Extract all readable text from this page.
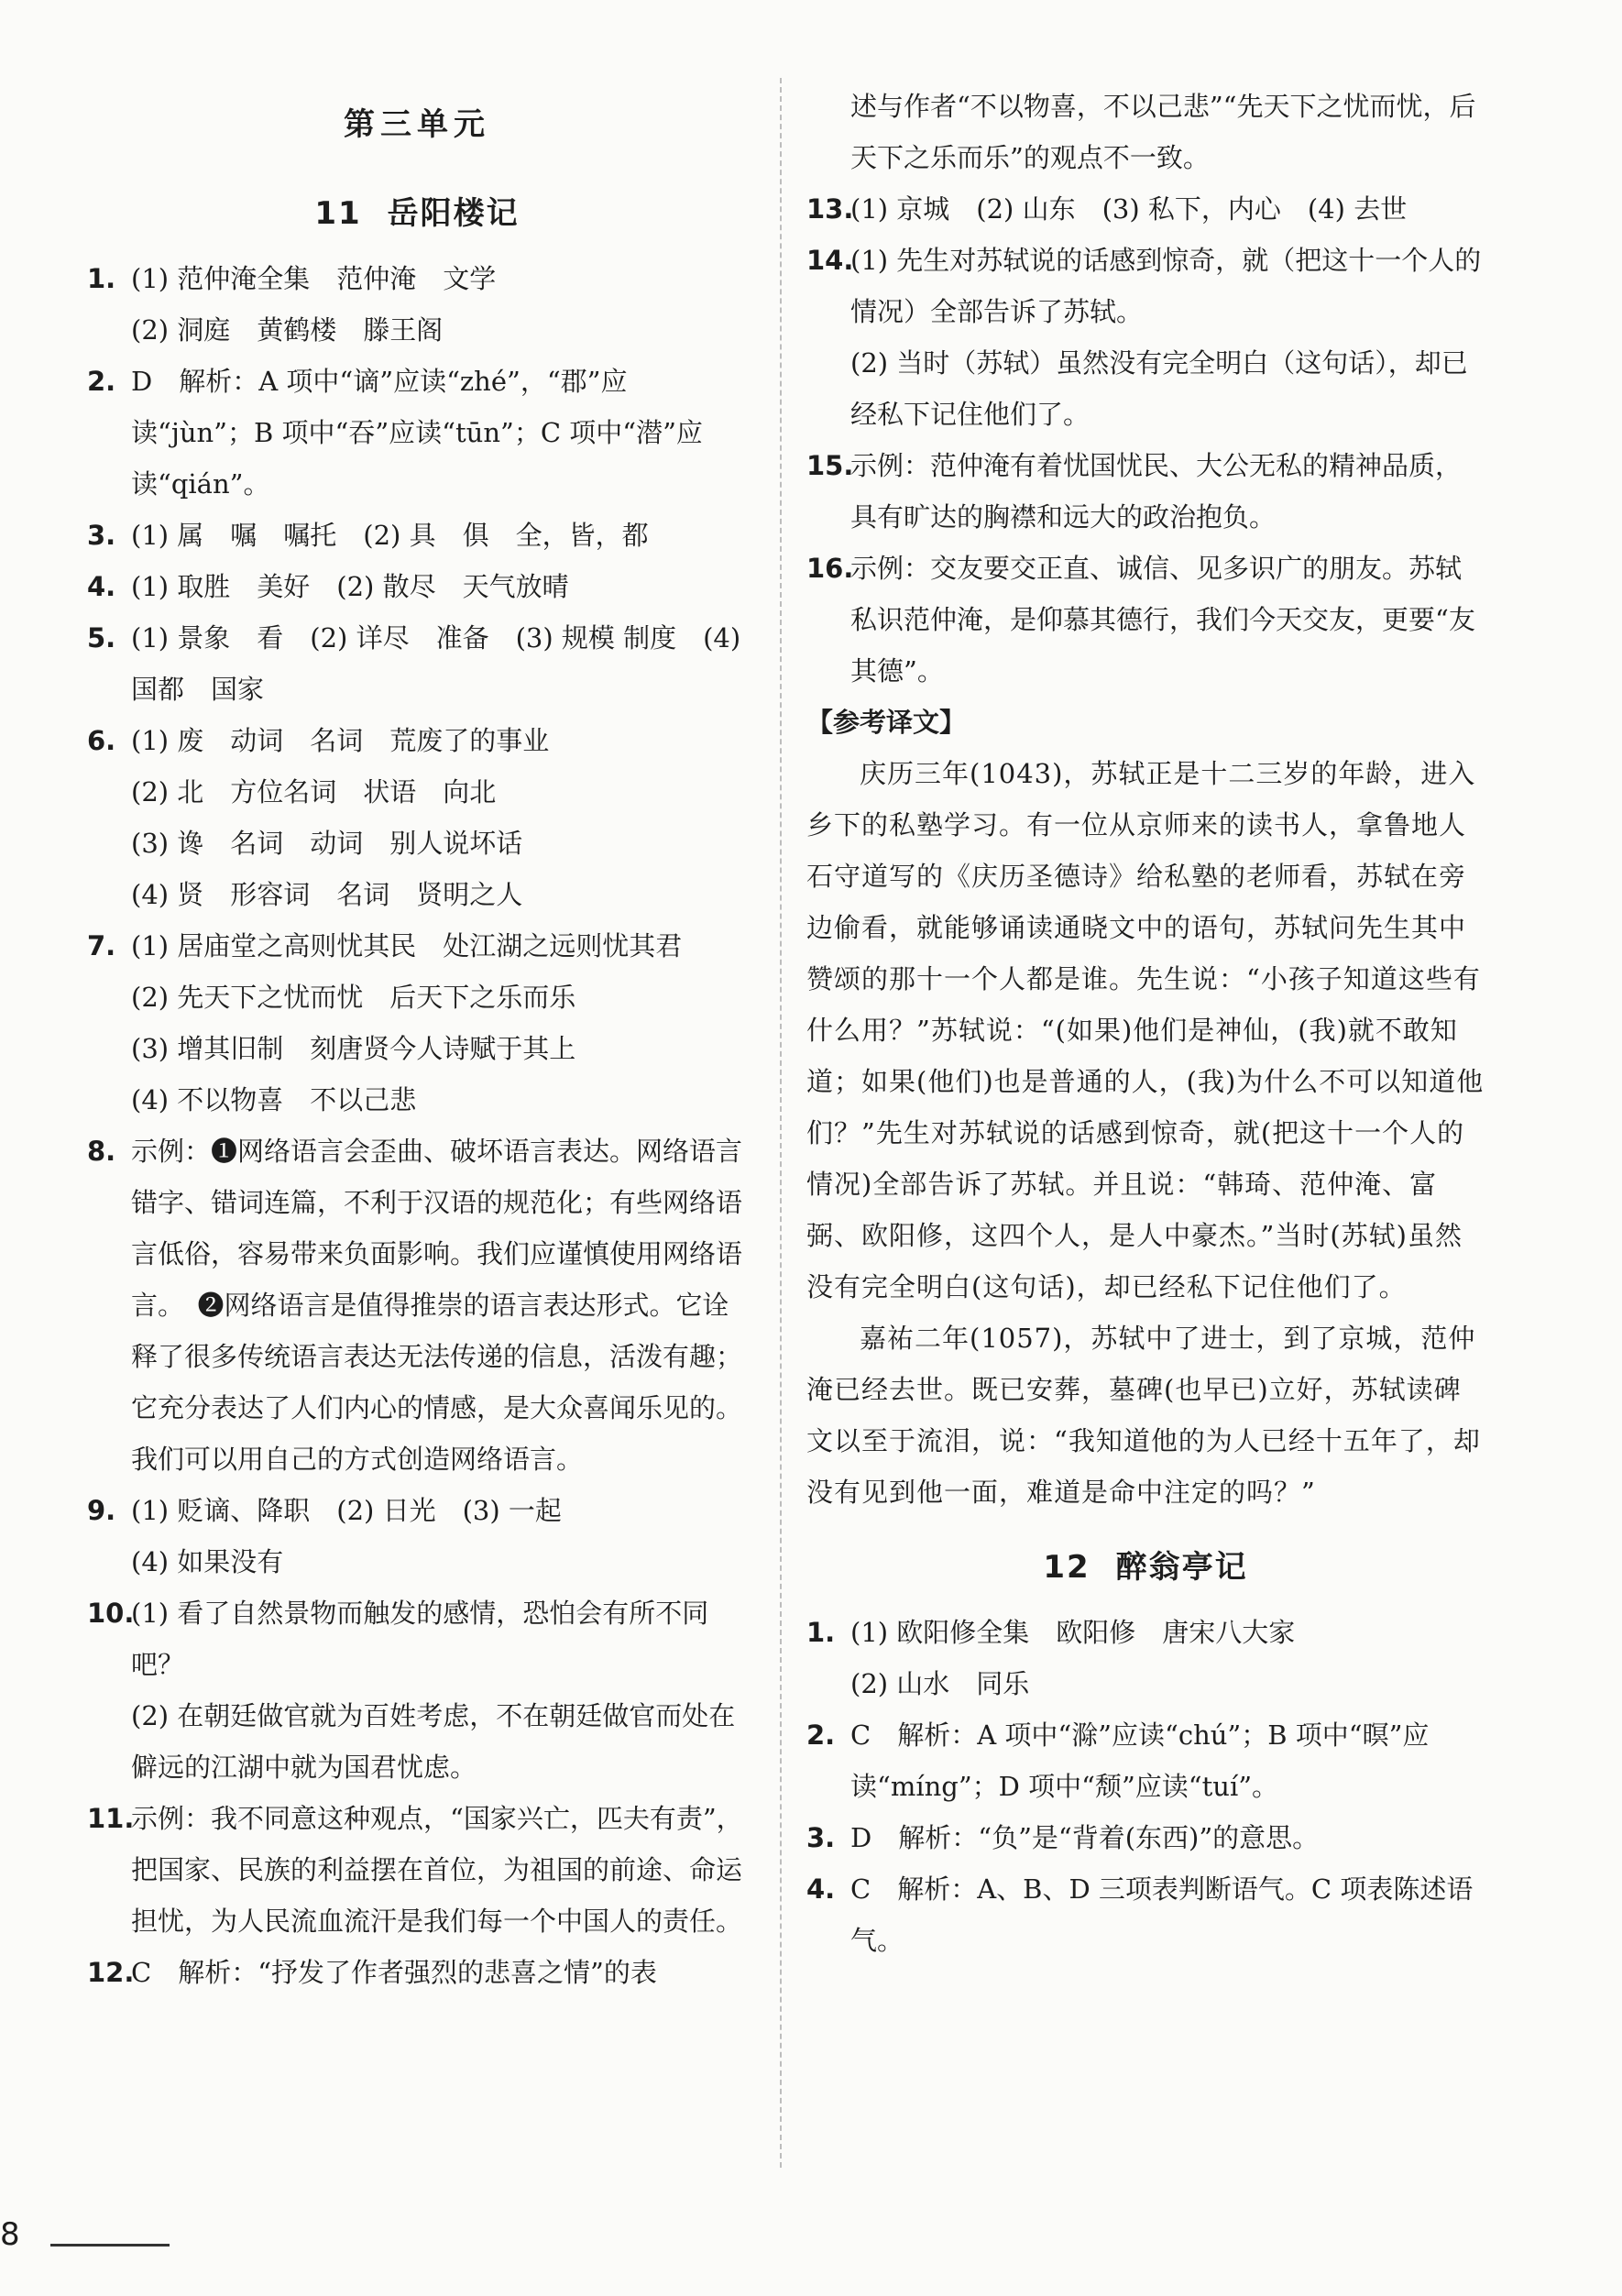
第三单元
11 岳阳楼记
1. (1) 范仲淹全集　范仲淹　文学
(2) 洞庭　黄鹤楼　滕王阁
2. D　解析：A 项中“谪”应读“zhé”，“郡”应读“jùn”；B 项中“吞”应读“tūn”；C 项中“潜”应读“qián”。
3. (1) 属　嘱　嘱托　(2) 具　俱　全，皆，都
4. (1) 取胜　美好　(2) 散尽　天气放晴
5. (1) 景象　看　(2) 详尽　准备　(3) 规模 制度　(4) 国都　国家
6. (1) 废　动词　名词　荒废了的事业
(2) 北　方位名词　状语　向北
(3) 谗　名词　动词　别人说坏话
(4) 贤　形容词　名词　贤明之人
7. (1) 居庙堂之高则忧其民　处江湖之远则忧其君
(2) 先天下之忧而忧　后天下之乐而乐
(3) 增其旧制　刻唐贤今人诗赋于其上
(4) 不以物喜　不以己悲
8. 示例：❶网络语言会歪曲、破坏语言表达。网络语言错字、错词连篇，不利于汉语的规范化；有些网络语言低俗，容易带来负面影响。我们应谨慎使用网络语言。　❷网络语言是值得推崇的语言表达形式。它诠释了很多传统语言表达无法传递的信息，活泼有趣；它充分表达了人们内心的情感，是大众喜闻乐见的。我们可以用自己的方式创造网络语言。
9. (1) 贬谪、降职　(2) 日光　(3) 一起
(4) 如果没有
10.
(1) 看了自然景物而触发的感情，恐怕会有所不同吧？
(2) 在朝廷做官就为百姓考虑，不在朝廷做官而处在僻远的江湖中就为国君忧虑。
11.
示例：我不同意这种观点，“国家兴亡，匹夫有责”，把国家、民族的利益摆在首位，为祖国的前途、命运担忧，为人民流血流汗是我们每一个中国人的责任。
12.
C　解析：“抒发了作者强烈的悲喜之情”的表
述与作者“不以物喜，不以己悲”“先天下之忧而忧，后天下之乐而乐”的观点不一致。
13.
(1) 京城　(2) 山东　(3) 私下，内心　(4) 去世
14.
(1) 先生对苏轼说的话感到惊奇，就（把这十一个人的情况）全部告诉了苏轼。
(2) 当时（苏轼）虽然没有完全明白（这句话），却已经私下记住他们了。
15.
示例：范仲淹有着忧国忧民、大公无私的精神品质，具有旷达的胸襟和远大的政治抱负。
16.
示例：交友要交正直、诚信、见多识广的朋友。苏轼私识范仲淹，是仰慕其德行，我们今天交友，更要“友其德”。
【参考译文】
庆历三年(1043)，苏轼正是十二三岁的年龄，进入乡下的私塾学习。有一位从京师来的读书人，拿鲁地人石守道写的《庆历圣德诗》给私塾的老师看，苏轼在旁边偷看，就能够诵读通晓文中的语句，苏轼问先生其中赞颂的那十一个人都是谁。先生说：“小孩子知道这些有什么用？”苏轼说：“(如果)他们是神仙，(我)就不敢知道；如果(他们)也是普通的人，(我)为什么不可以知道他们？”先生对苏轼说的话感到惊奇，就(把这十一个人的情况)全部告诉了苏轼。并且说：“韩琦、范仲淹、富弼、欧阳修，这四个人，是人中豪杰。”当时(苏轼)虽然没有完全明白(这句话)，却已经私下记住他们了。
嘉祐二年(1057)，苏轼中了进士，到了京城，范仲淹已经去世。既已安葬，墓碑(也早已)立好，苏轼读碑文以至于流泪，说：“我知道他的为人已经十五年了，却没有见到他一面，难道是命中注定的吗？”
12 醉翁亭记
1. (1) 欧阳修全集　欧阳修　唐宋八大家
(2) 山水　同乐
2. C　解析：A 项中“滁”应读“chú”；B 项中“暝”应读“míng”；D 项中“颓”应读“tuí”。
3. D　解析：“负”是“背着(东西)”的意思。
4. C　解析：A、B、D 三项表判断语气。C 项表陈述语气。
8
